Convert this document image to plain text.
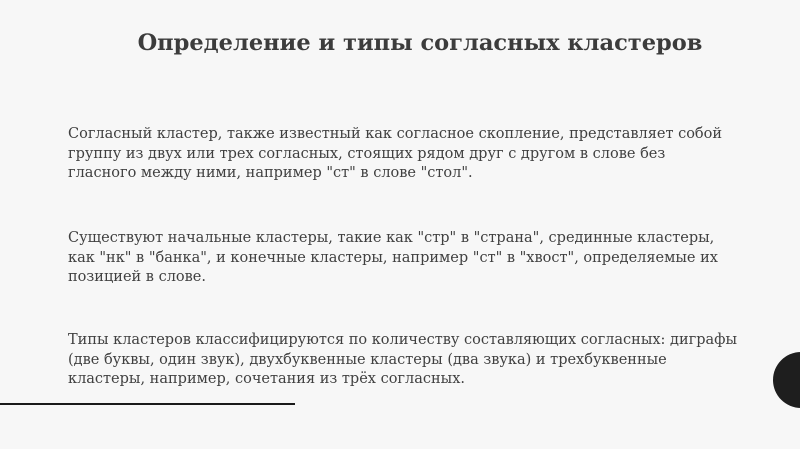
Определение и типы согласных кластеров

Согласный кластер, также известный как согласное скопление, представляет собой группу из двух или трех согласных, стоящих рядом друг с другом в слове без гласного между ними, например "ст" в слове "стол".

Существуют начальные кластеры, такие как "стр" в "страна", срединные кластеры, как "нк" в "банка", и конечные кластеры, например "ст" в "хвост", определяемые их позицией в слове.

Типы кластеров классифицируются по количеству составляющих согласных: диграфы (две буквы, один звук), двухбуквенные кластеры (два звука) и трехбуквенные кластеры, например, сочетания из трёх согласных.
